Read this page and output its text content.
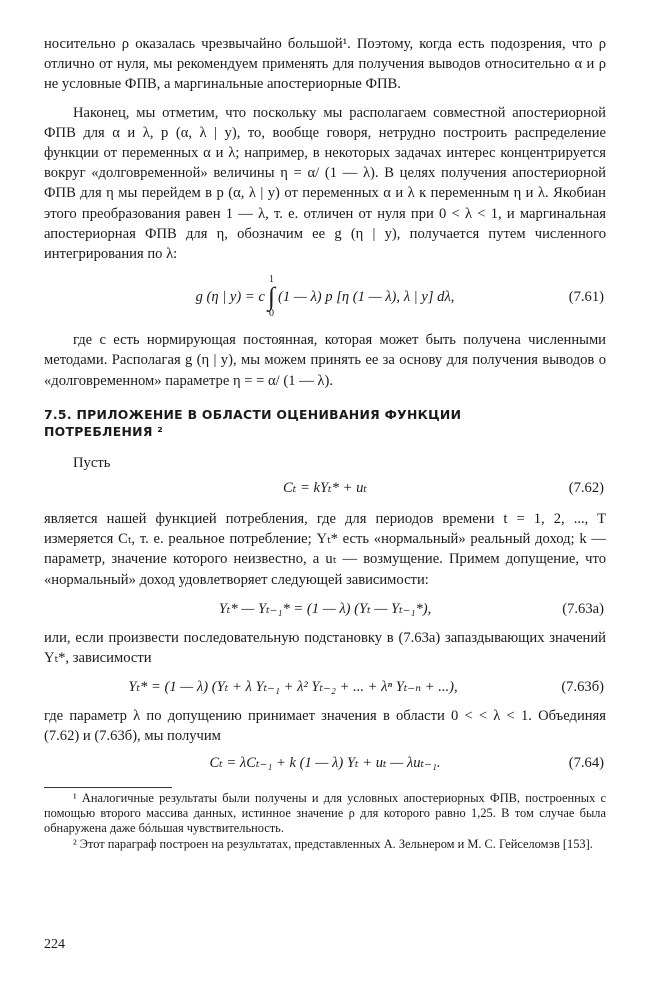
носительно ρ оказалась чрезвычайно большой¹. Поэтому, когда есть подозрения, что ρ отлично от нуля, мы рекомендуем применять для получения выводов относительно α и ρ не условные ФПВ, а маргинальные апостериорные ФПВ.

Наконец, мы отметим, что поскольку мы располагаем совместной апостериорной ФПВ для α и λ, p (α, λ | y), то, вообще говоря, нетрудно построить распределение функции от переменных α и λ; например, в некоторых задачах интерес концентрируется вокруг «долговременной» величины η = α/ (1 — λ). В целях получения апостериорной ФПВ для η мы перейдем в p (α, λ | y) от переменных α и λ к переменным η и λ. Якобиан этого преобразования равен 1 — λ, т. е. отличен от нуля при 0 < λ < 1, и маргинальная апостериорная ФПВ для η, обозначим ее g (η | y), получается путем численного интегрирования по λ:

g (η | y) = c
1
∫
0
(1 — λ) p [η (1 — λ), λ | y] dλ,	(7.61)

где c есть нормирующая постоянная, которая может быть получена численными методами. Располагая g (η | y), мы можем принять ее за основу для получения выводов о «долговременном» параметре η = = α/ (1 — λ).

7.5. ПРИЛОЖЕНИЕ В ОБЛАСТИ ОЦЕНИВАНИЯ ФУНКЦИИ
ПОТРЕБЛЕНИЯ ²

Пусть

Cₜ = kYₜ* + uₜ	(7.62)

является нашей функцией потребления, где для периодов времени t = 1, 2, ..., T измеряется Cₜ, т. е. реальное потребление; Yₜ* есть «нормальный» реальный доход; k — параметр, значение которого неизвестно, а uₜ — возмущение. Примем допущение, что «нормальный» доход удовлетворяет следующей зависимости:

Yₜ* — Yₜ₋₁* = (1 — λ) (Yₜ — Yₜ₋₁*),	(7.63а)

или, если произвести последовательную подстановку в (7.63а) запаздывающих значений Yₜ*, зависимости

Yₜ* = (1 — λ) (Yₜ + λ Yₜ₋₁ + λ² Yₜ₋₂ + ... + λⁿ Yₜ₋ₙ + ...),	(7.63б)

где параметр λ по допущению принимает значения в области 0 < < λ < 1. Объединяя (7.62) и (7.63б), мы получим

Cₜ = λCₜ₋₁ + k (1 — λ) Yₜ + uₜ — λuₜ₋₁.	(7.64)

¹ Аналогичные результаты были получены и для условных апостериорных ФПВ, построенных с помощью второго массива данных, истинное значение ρ для которого равно 1,25. В том случае была обнаружена даже бóльшая чувствительность.

² Этот параграф построен на результатах, представленных А. Зельнером и М. С. Гейселомэв [153].

224
